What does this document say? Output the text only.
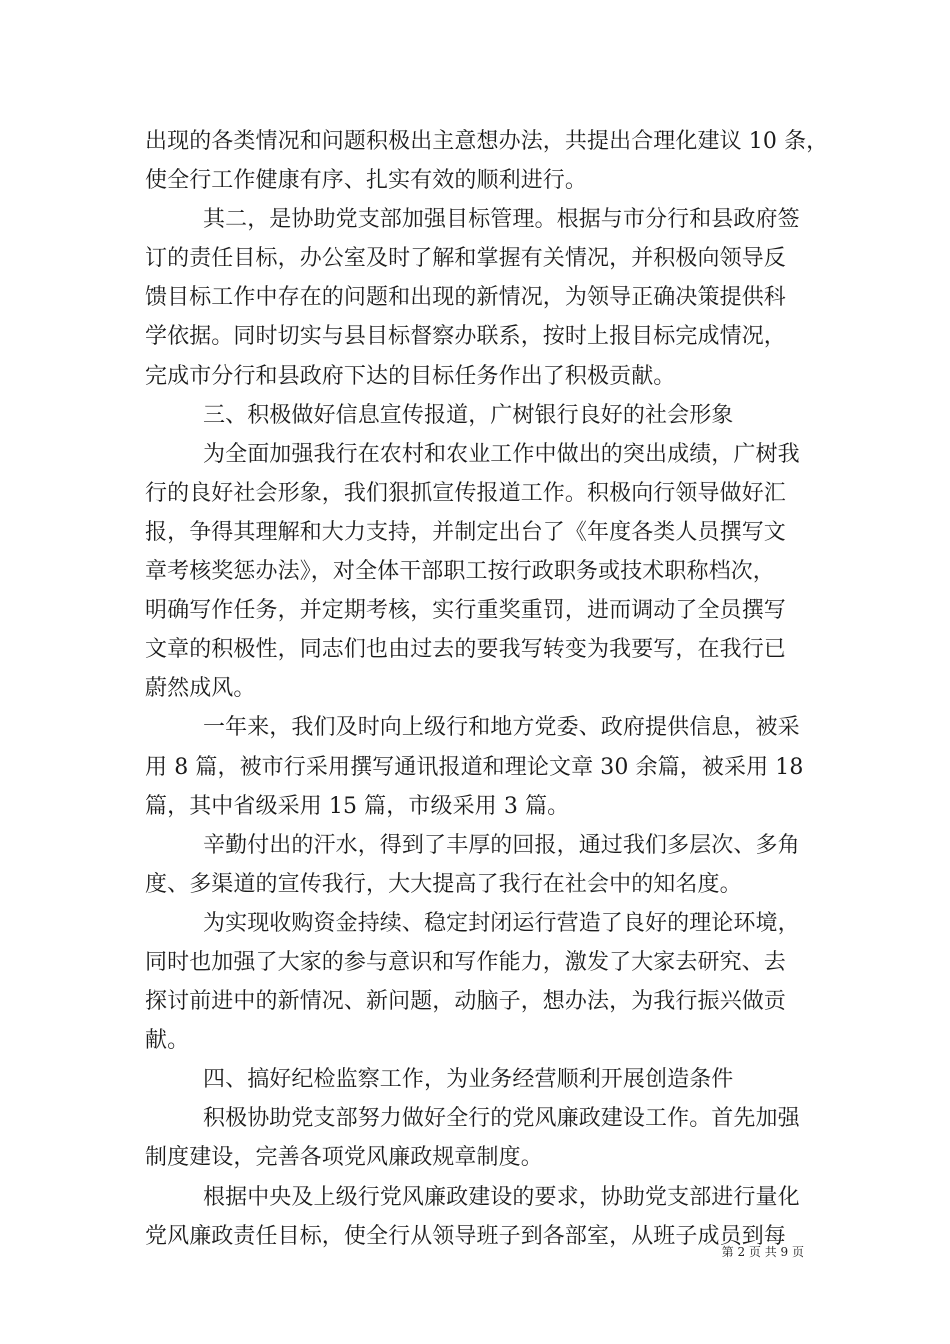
出现的各类情况和问题积极出主意想办法，共提出合理化建议 10 条，
使全行工作健康有序、扎实有效的顺利进行。
其二，是协助党支部加强目标管理。根据与市分行和县政府签
订的责任目标，办公室及时了解和掌握有关情况，并积极向领导反
馈目标工作中存在的问题和出现的新情况，为领导正确决策提供科
学依据。同时切实与县目标督察办联系，按时上报目标完成情况，
完成市分行和县政府下达的目标任务作出了积极贡献。
三、积极做好信息宣传报道，广树银行良好的社会形象
为全面加强我行在农村和农业工作中做出的突出成绩，广树我
行的良好社会形象，我们狠抓宣传报道工作。积极向行领导做好汇
报，争得其理解和大力支持，并制定出台了《年度各类人员撰写文
章考核奖惩办法》，对全体干部职工按行政职务或技术职称档次，
明确写作任务，并定期考核，实行重奖重罚，进而调动了全员撰写
文章的积极性，同志们也由过去的要我写转变为我要写，在我行已
蔚然成风。
一年来，我们及时向上级行和地方党委、政府提供信息，被采
用 8 篇，被市行采用撰写通讯报道和理论文章 30 余篇，被采用 18
篇，其中省级采用 15 篇，市级采用 3 篇。
辛勤付出的汗水，得到了丰厚的回报，通过我们多层次、多角
度、多渠道的宣传我行，大大提高了我行在社会中的知名度。
为实现收购资金持续、稳定封闭运行营造了良好的理论环境，
同时也加强了大家的参与意识和写作能力，激发了大家去研究、去
探讨前进中的新情况、新问题，动脑子，想办法，为我行振兴做贡
献。
四、搞好纪检监察工作，为业务经营顺利开展创造条件
积极协助党支部努力做好全行的党风廉政建设工作。首先加强
制度建设，完善各项党风廉政规章制度。
根据中央及上级行党风廉政建设的要求，协助党支部进行量化
党风廉政责任目标，使全行从领导班子到各部室，从班子成员到每
第 2 页 共 9 页
